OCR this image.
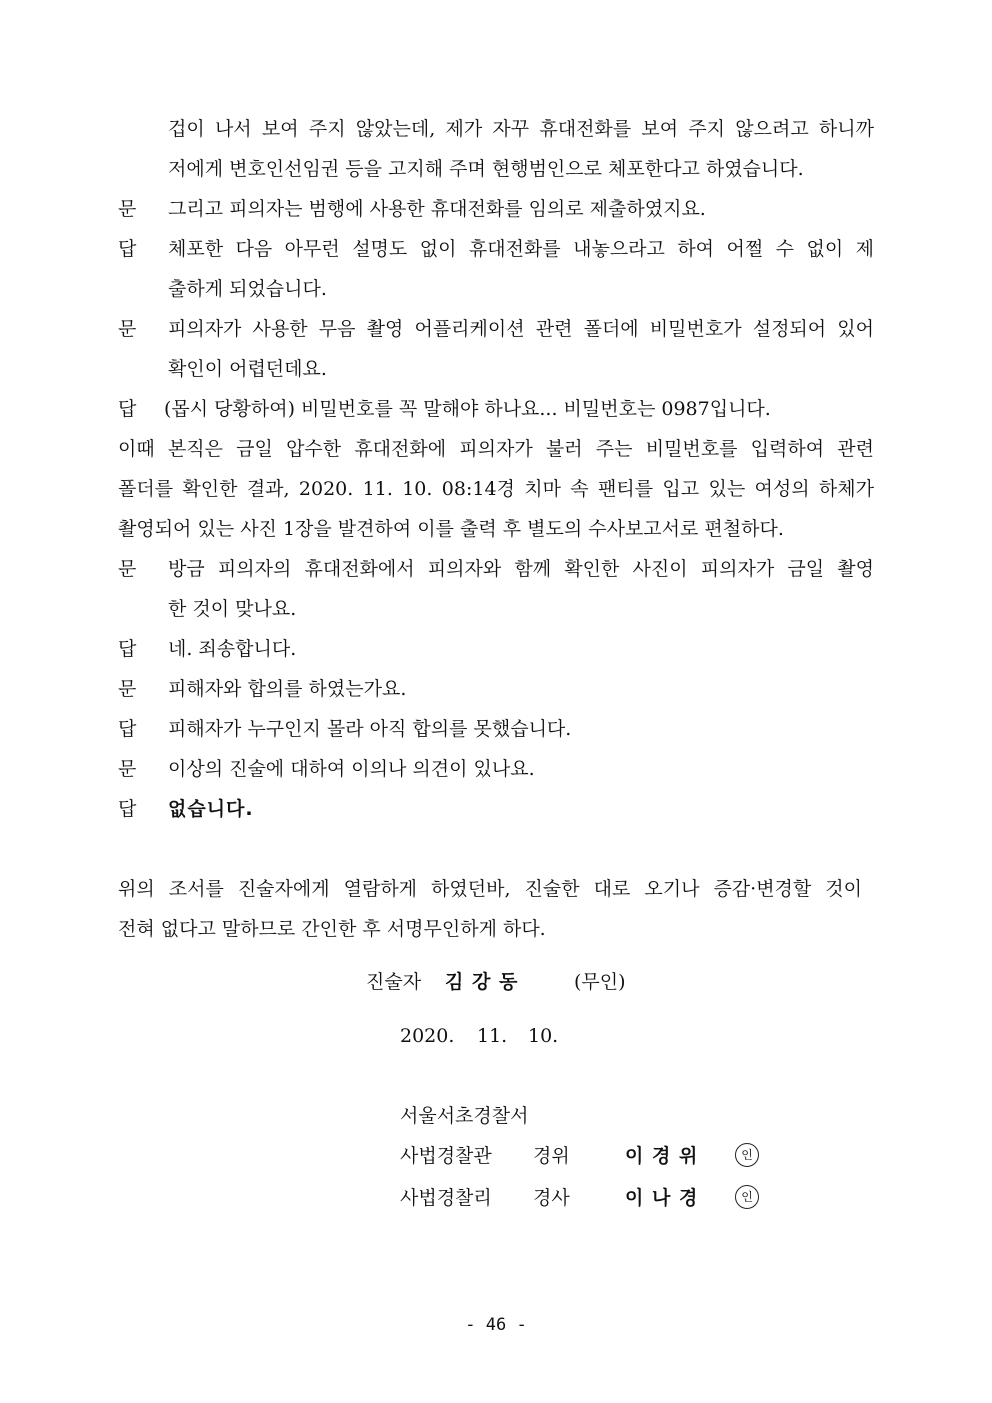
겁이 나서 보여 주지 않았는데, 제가 자꾸 휴대전화를 보여 주지 않으려고 하니까
저에게 변호인선임권 등을 고지해 주며 현행범인으로 체포한다고 하였습니다.
문 그리고 피의자는 범행에 사용한 휴대전화를 임의로 제출하였지요.
답 체포한 다음 아무런 설명도 없이 휴대전화를 내놓으라고 하여 어쩔 수 없이 제
출하게 되었습니다.
문 피의자가 사용한 무음 촬영 어플리케이션 관련 폴더에 비밀번호가 설정되어 있어
확인이 어렵던데요.
답 (몹시 당황하여) 비밀번호를 꼭 말해야 하나요... 비밀번호는 0987입니다.
이때 본직은 금일 압수한 휴대전화에 피의자가 불러 주는 비밀번호를 입력하여 관련
폴더를 확인한 결과, 2020. 11. 10. 08:14경 치마 속 팬티를 입고 있는 여성의 하체가
촬영되어 있는 사진 1장을 발견하여 이를 출력 후 별도의 수사보고서로 편철하다.
문 방금 피의자의 휴대전화에서 피의자와 함께 확인한 사진이 피의자가 금일 촬영
한 것이 맞나요.
답 네. 죄송합니다.
문 피해자와 합의를 하였는가요.
답 피해자가 누구인지 몰라 아직 합의를 못했습니다.
문 이상의 진술에 대하여 이의나 의견이 있나요.
답 없습니다.
위의 조서를 진술자에게 열람하게 하였던바, 진술한 대로 오기나 증감·변경할 것이
전혀 없다고 말하므로 간인한 후 서명무인하게 하다.
진술자 김 강 동	(무인)
2020. 11. 10.
서울서초경찰서
사법경찰관 경위	이 경 위	인
사법경찰리 경사	이 나 경	인
- 46 -
